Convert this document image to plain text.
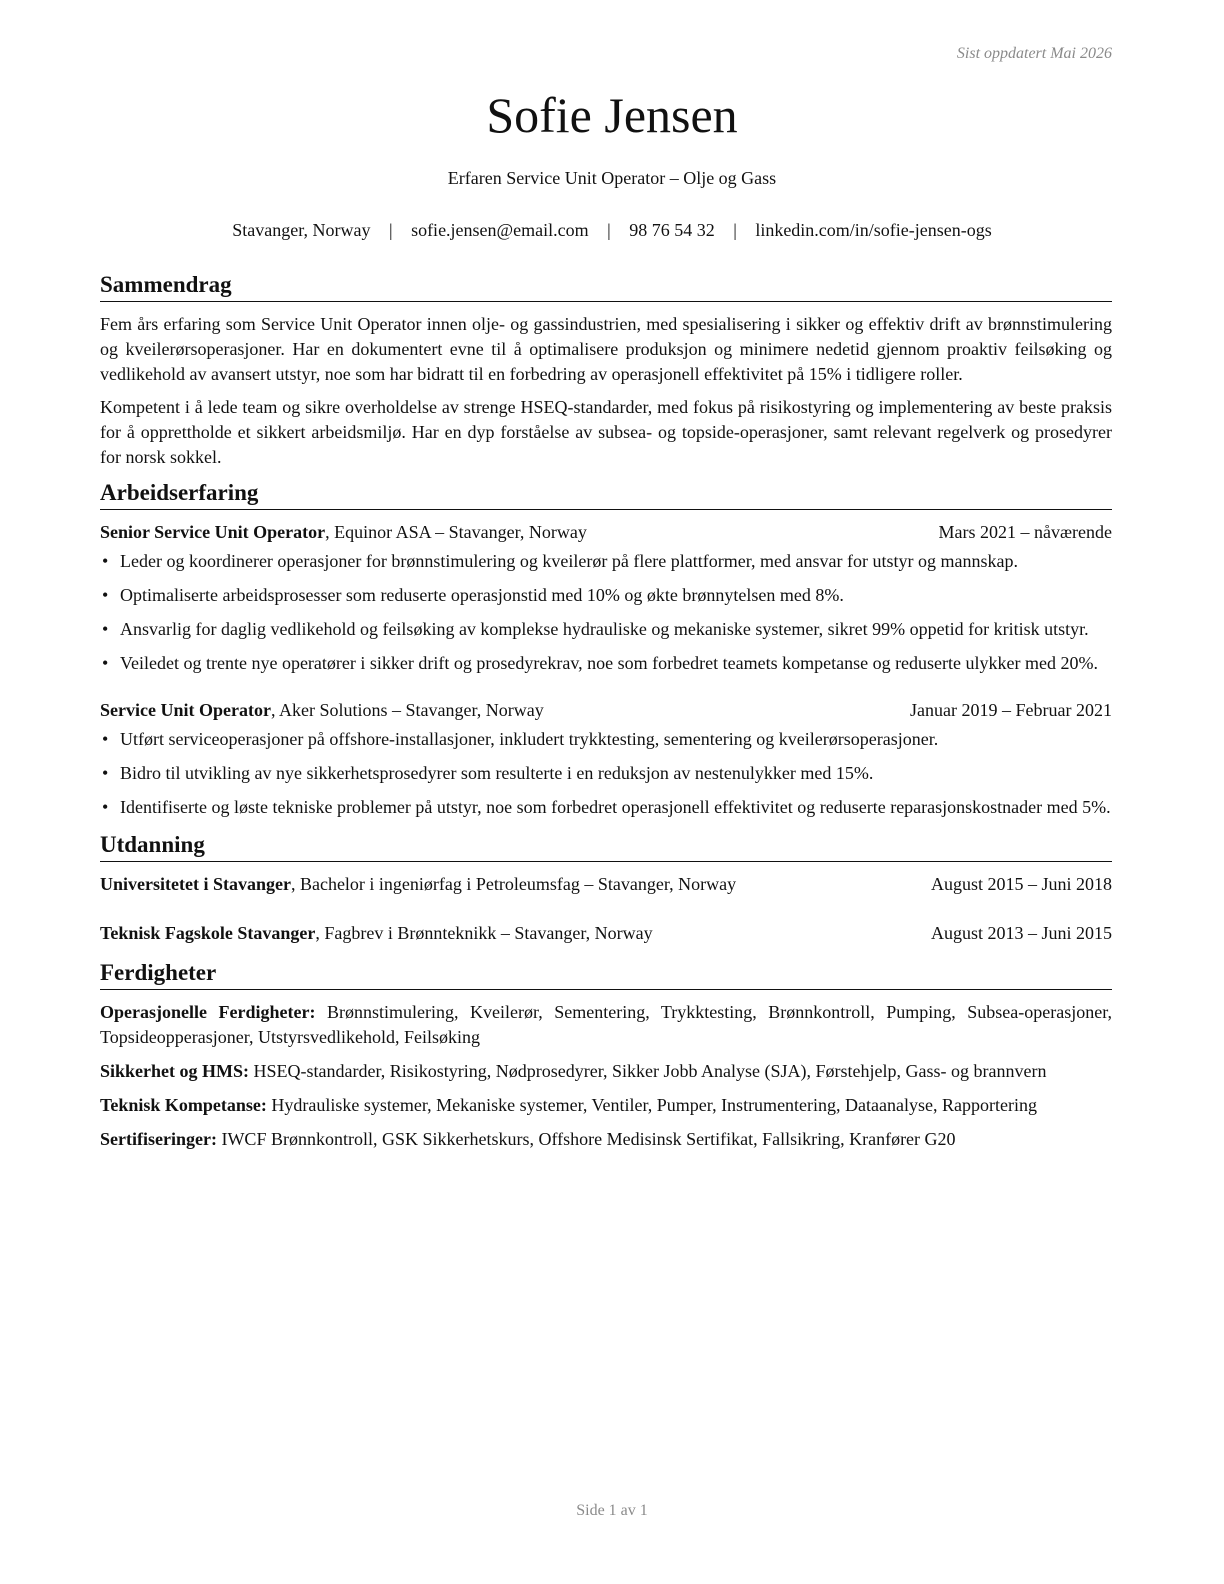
Sist oppdatert Mai 2026
Sofie Jensen
Erfaren Service Unit Operator – Olje og Gass
Stavanger, Norway | sofie.jensen@email.com | 98 76 54 32 | linkedin.com/in/sofie-jensen-ogs
Sammendrag

Fem års erfaring som Service Unit Operator innen olje- og gassindustrien, med spesialisering i sikker og effektiv drift av brønnstimulering og kveilerørsoperasjoner. Har en dokumentert evne til å optimalisere produksjon og minimere nedetid gjennom proaktiv feilsøking og vedlikehold av avansert utstyr, noe som har bidratt til en forbedring av operasjonell effektivitet på 15% i tidligere roller.

Kompetent i å lede team og sikre overholdelse av strenge HSEQ-standarder, med fokus på risikostyring og implementering av beste praksis for å opprettholde et sikkert arbeidsmiljø. Har en dyp forståelse av subsea- og topside-operasjoner, samt relevant regelverk og prosedyrer for norsk sokkel.

Arbeidserfaring
Senior Service Unit Operator, Equinor ASA – Stavanger, Norway	Mars 2021 – nåværende
• Leder og koordinerer operasjoner for brønnstimulering og kveilerør på flere plattformer, med ansvar for utstyr og mannskap.
• Optimaliserte arbeidsprosesser som reduserte operasjonstid med 10% og økte brønnytelsen med 8%.
• Ansvarlig for daglig vedlikehold og feilsøking av komplekse hydrauliske og mekaniske systemer, sikret 99% oppetid for kritisk utstyr.
• Veiledet og trente nye operatører i sikker drift og prosedyrekrav, noe som forbedret teamets kompetanse og reduserte ulykker med 20%.
Service Unit Operator, Aker Solutions – Stavanger, Norway	Januar 2019 – Februar 2021
• Utført serviceoperasjoner på offshore-installasjoner, inkludert trykktesting, sementering og kveilerørsoperasjoner.
• Bidro til utvikling av nye sikkerhetsprosedyrer som resulterte i en reduksjon av nestenulykker med 15%.
• Identifiserte og løste tekniske problemer på utstyr, noe som forbedret operasjonell effektivitet og reduserte reparasjonskostnader med 5%.
Utdanning
Universitetet i Stavanger, Bachelor i ingeniørfag i Petroleumsfag – Stavanger, Norway	August 2015 – Juni 2018
Teknisk Fagskole Stavanger, Fagbrev i Brønnteknikk – Stavanger, Norway	August 2013 – Juni 2015
Ferdigheter

Operasjonelle Ferdigheter: Brønnstimulering, Kveilerør, Sementering, Trykktesting, Brønnkontroll, Pumping, Subsea-operasjoner, Topsideopperasjoner, Utstyrsvedlikehold, Feilsøking

Sikkerhet og HMS: HSEQ-standarder, Risikostyring, Nødprosedyrer, Sikker Jobb Analyse (SJA), Førstehjelp, Gass- og brannvern

Teknisk Kompetanse: Hydrauliske systemer, Mekaniske systemer, Ventiler, Pumper, Instrumentering, Dataanalyse, Rapportering

Sertifiseringer: IWCF Brønnkontroll, GSK Sikkerhetskurs, Offshore Medisinsk Sertifikat, Fallsikring, Kranfører G20

Side 1 av 1
